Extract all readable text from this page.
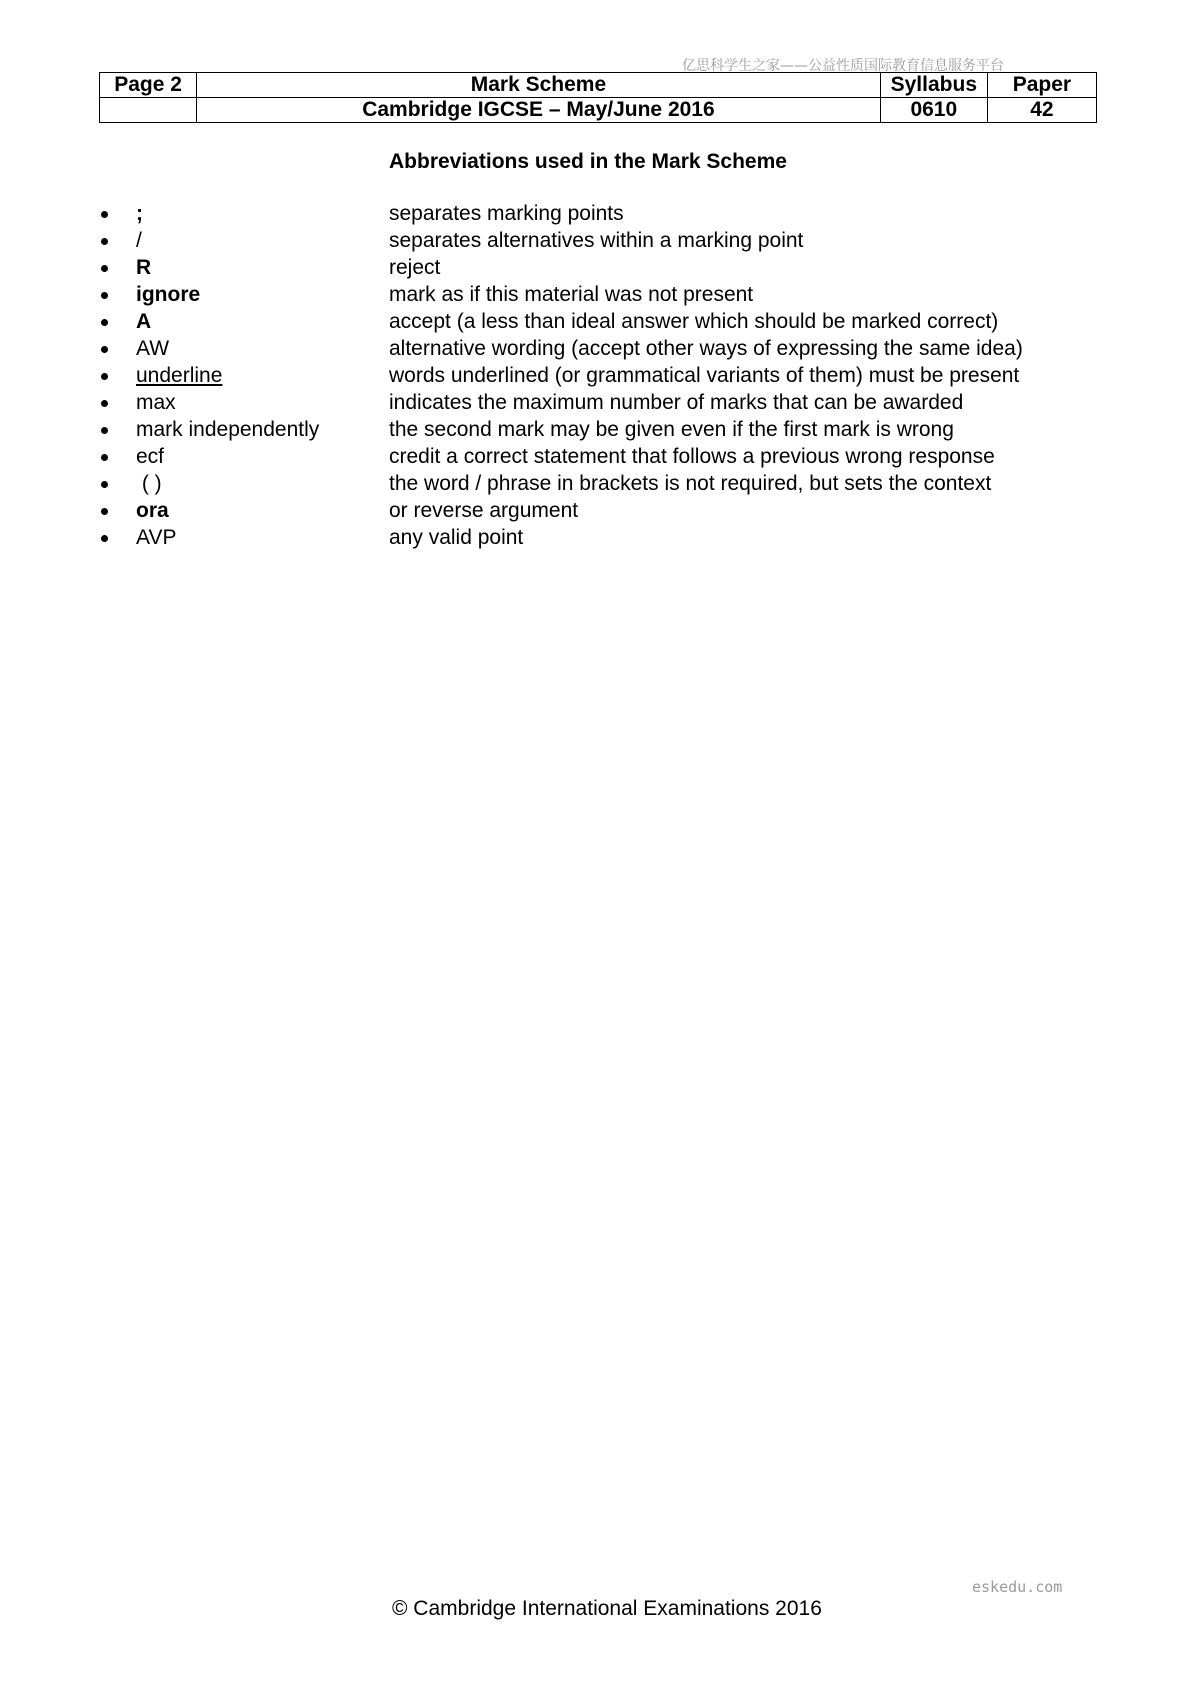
亿思科学生之家——公益性质国际教育信息服务平台
Page 2	Mark Scheme	Syllabus	Paper
	Cambridge IGCSE – May/June 2016	0610	42
Abbreviations used in the Mark Scheme
;	separates marking points
/	separates alternatives within a marking point
R	reject
ignore	mark as if this material was not present
A	accept (a less than ideal answer which should be marked correct)
AW	alternative wording (accept other ways of expressing the same idea)
underline	words underlined (or grammatical variants of them) must be present
max	indicates the maximum number of marks that can be awarded
mark independently	the second mark may be given even if the first mark is wrong
ecf	credit a correct statement that follows a previous wrong response
( )	the word / phrase in brackets is not required, but sets the context
ora	or reverse argument
AVP	any valid point
eskedu.com
© Cambridge International Examinations 2016
